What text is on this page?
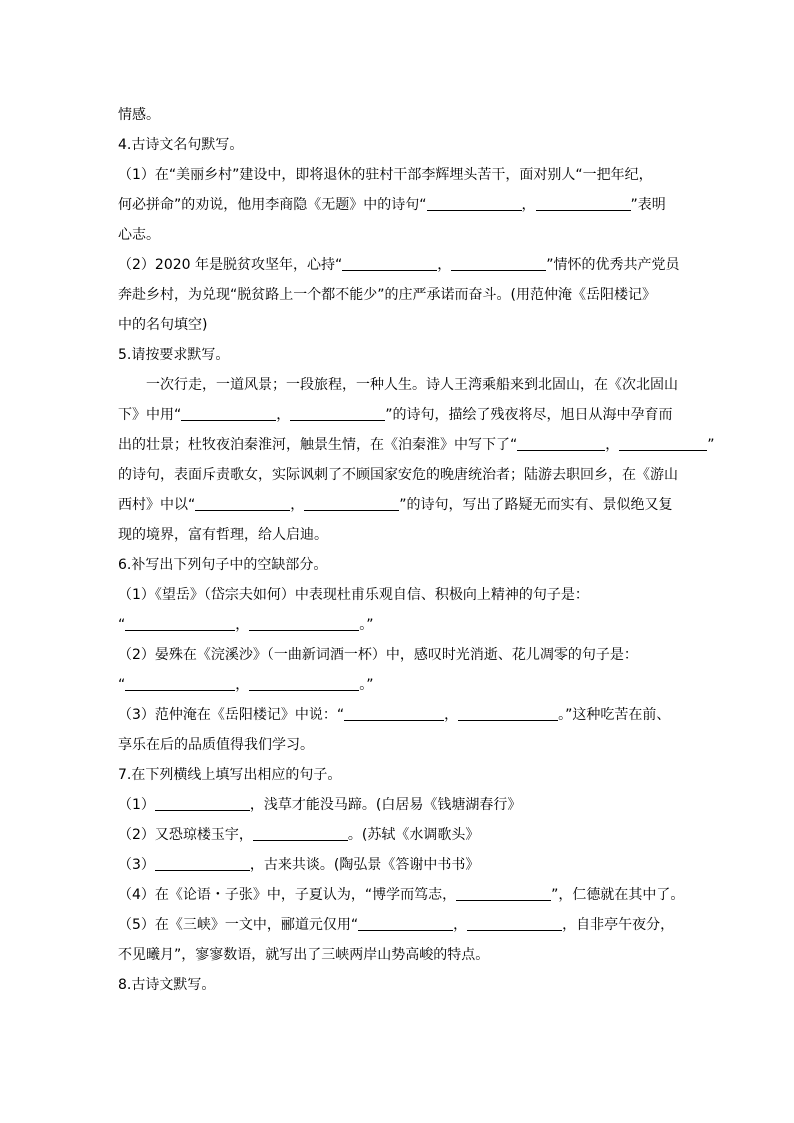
情感。
4.古诗文名句默写。
（1）在“美丽乡村”建设中，即将退休的驻村干部李辉埋头苦干，面对别人“一把年纪，
何必拼命”的劝说，他用李商隐《无题》中的诗句“	，	”表明
心志。
（2）2020 年是脱贫攻坚年，心持“	，	”情怀的优秀共产党员
奔赴乡村，为兑现“脱贫路上一个都不能少”的庄严承诺而奋斗。(用范仲淹《岳阳楼记》
中的名句填空)
5.请按要求默写。
一次行走，一道风景；一段旅程，一种人生。诗人王湾乘船来到北固山，在《次北固山
下》中用“	，	”的诗句，描绘了残夜将尽，旭日从海中孕育而
出的壮景；杜牧夜泊秦淮河，触景生情，在《泊秦淮》中写下了“	，	”
的诗句，表面斥责歌女，实际讽刺了不顾国家安危的晚唐统治者；陆游去职回乡，在《游山
西村》中以“	，	”的诗句，写出了路疑无而实有、景似绝又复
现的境界，富有哲理，给人启迪。
6.补写出下列句子中的空缺部分。
（1）《望岳》（岱宗夫如何）中表现杜甫乐观自信、积极向上精神的句子是：
“	，	。”
（2）晏殊在《浣溪沙》（一曲新词酒一杯）中，感叹时光消逝、花儿凋零的句子是：
“	，	。”
（3）范仲淹在《岳阳楼记》中说：“	，	。”这种吃苦在前、
享乐在后的品质值得我们学习。
7.在下列横线上填写出相应的句子。
（1）	，浅草才能没马蹄。(白居易《钱塘湖春行》
（2）又恐琼楼玉宇，	。(苏轼《水调歌头》
（3）	，古来共谈。(陶弘景《答谢中书书》
（4）在《论语・子张》中，子夏认为，“博学而笃志，	”，仁德就在其中了。
（5）在《三峡》一文中，郦道元仅用“	，	，自非亭午夜分，
不见曦月”，寥寥数语，就写出了三峡两岸山势高峻的特点。
8.古诗文默写。
